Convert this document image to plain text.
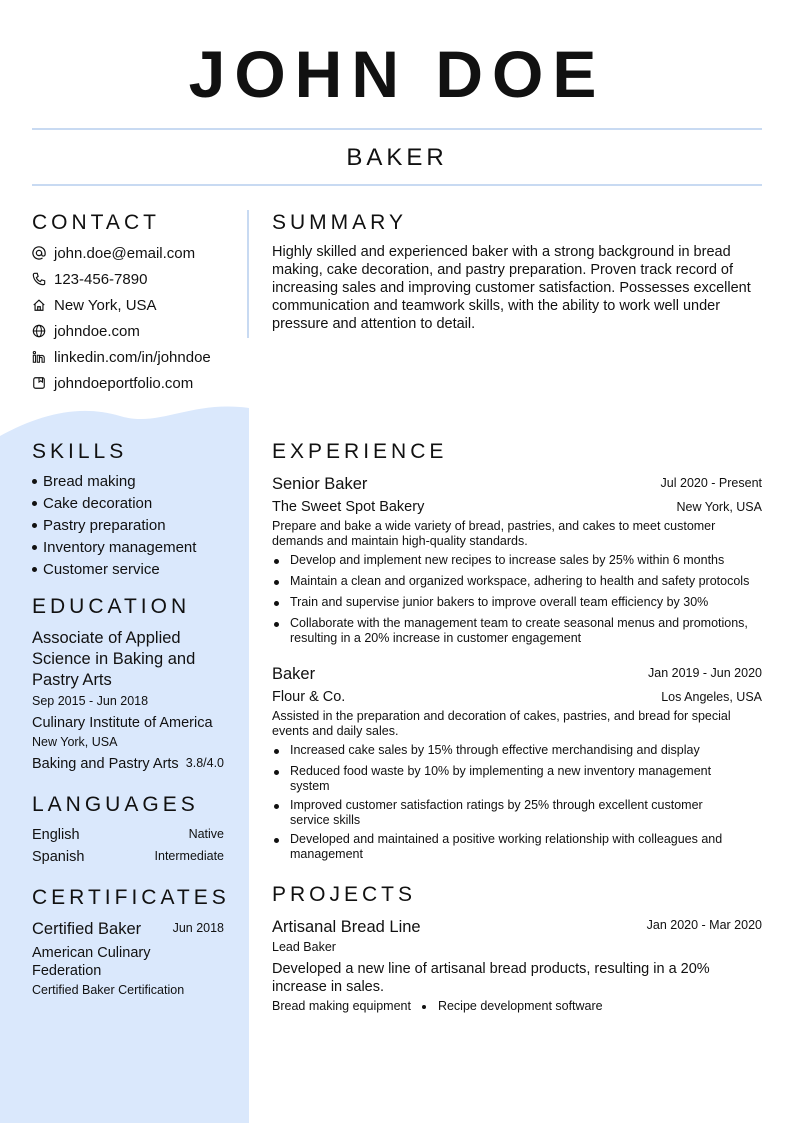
JOHN DOE
BAKER
CONTACT
john.doe@email.com
123-456-7890
New York, USA
johndoe.com
linkedin.com/in/johndoe
johndoeportfolio.com
SUMMARY
Highly skilled and experienced baker with a strong background in bread making, cake decoration, and pastry preparation. Proven track record of increasing sales and improving customer satisfaction. Possesses excellent communication and teamwork skills, with the ability to work well under pressure and attention to detail.
SKILLS
Bread making
Cake decoration
Pastry preparation
Inventory management
Customer service
EDUCATION
Associate of Applied Science in Baking and Pastry Arts
Sep 2015 - Jun 2018
Culinary Institute of America
New York, USA
Baking and Pastry Arts 3.8/4.0
LANGUAGES
English	Native
Spanish	Intermediate
CERTIFICATES
Certified Baker	Jun 2018
American Culinary Federation
Certified Baker Certification
EXPERIENCE
Senior Baker	Jul 2020 - Present
The Sweet Spot Bakery	New York, USA
Prepare and bake a wide variety of bread, pastries, and cakes to meet customer demands and maintain high-quality standards.
Develop and implement new recipes to increase sales by 25% within 6 months
Maintain a clean and organized workspace, adhering to health and safety protocols
Train and supervise junior bakers to improve overall team efficiency by 30%
Collaborate with the management team to create seasonal menus and promotions, resulting in a 20% increase in customer engagement
Baker	Jan 2019 - Jun 2020
Flour & Co.	Los Angeles, USA
Assisted in the preparation and decoration of cakes, pastries, and bread for special events and daily sales.
Increased cake sales by 15% through effective merchandising and display
Reduced food waste by 10% by implementing a new inventory management system
Improved customer satisfaction ratings by 25% through excellent customer service skills
Developed and maintained a positive working relationship with colleagues and management
PROJECTS
Artisanal Bread Line	Jan 2020 - Mar 2020
Lead Baker
Developed a new line of artisanal bread products, resulting in a 20% increase in sales.
Bread making equipment Recipe development software
